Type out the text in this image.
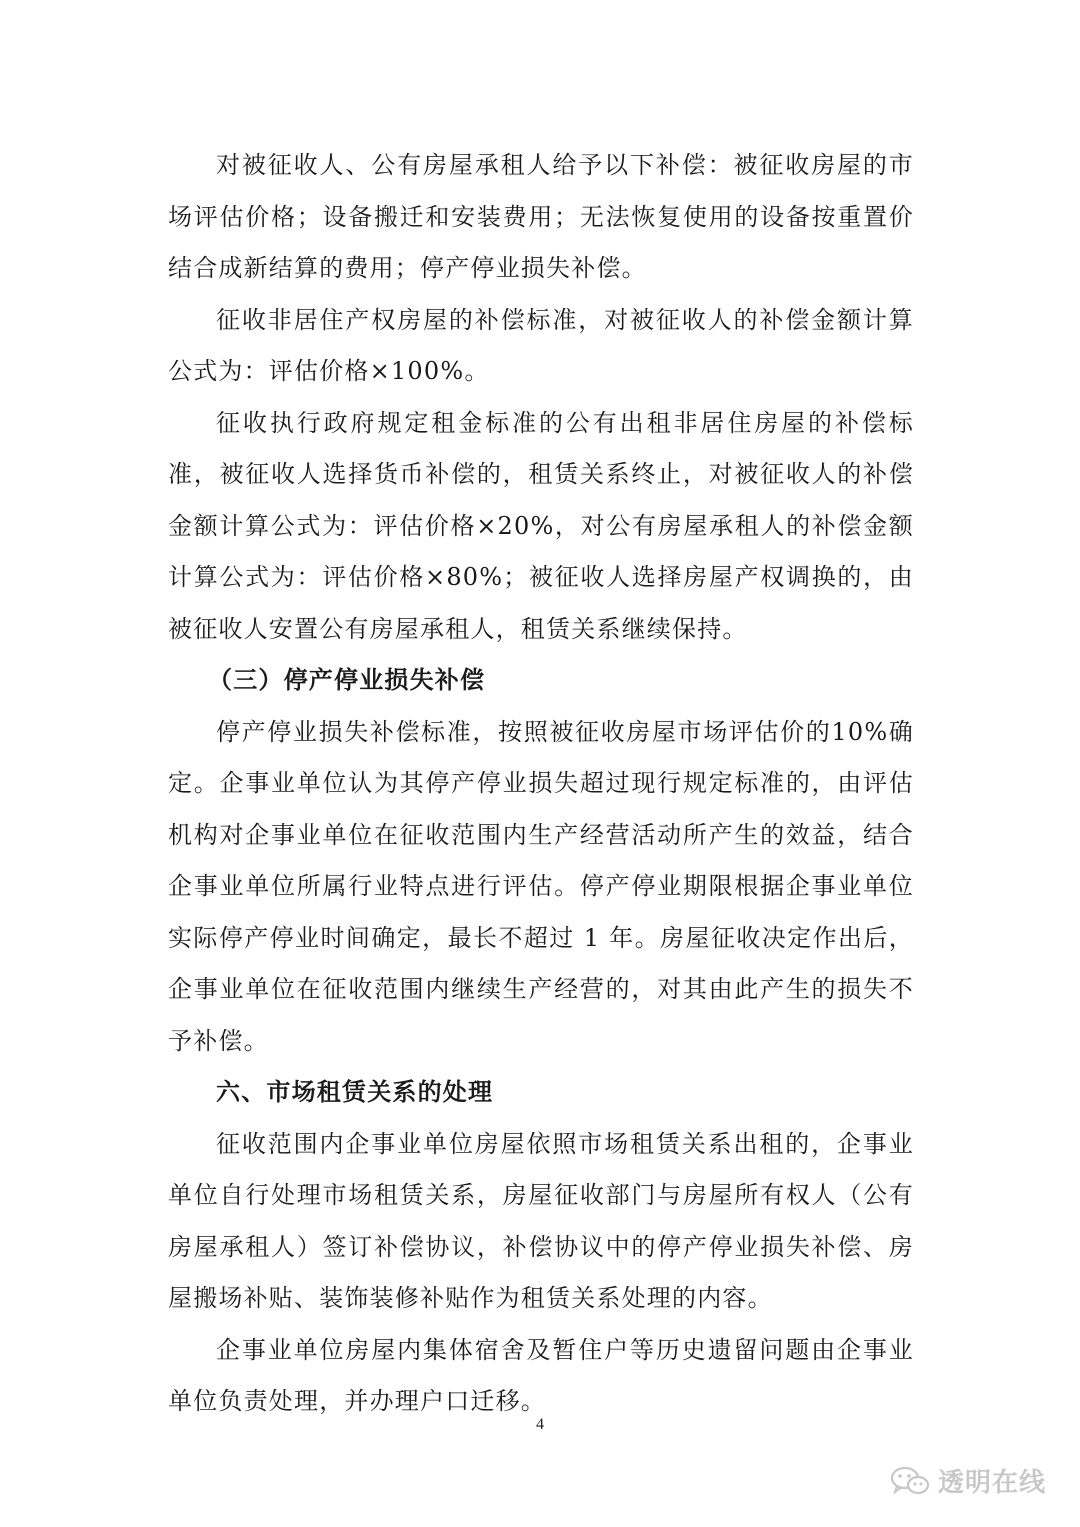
对被征收人、公有房屋承租人给予以下补偿：被征收房屋的市场评估价格；设备搬迁和安装费用；无法恢复使用的设备按重置价结合成新结算的费用；停产停业损失补偿。

征收非居住产权房屋的补偿标准，对被征收人的补偿金额计算公式为：评估价格×100%。

征收执行政府规定租金标准的公有出租非居住房屋的补偿标准，被征收人选择货币补偿的，租赁关系终止，对被征收人的补偿金额计算公式为：评估价格×20%，对公有房屋承租人的补偿金额计算公式为：评估价格×80%；被征收人选择房屋产权调换的，由被征收人安置公有房屋承租人，租赁关系继续保持。

（三）停产停业损失补偿

停产停业损失补偿标准，按照被征收房屋市场评估价的10%确定。企事业单位认为其停产停业损失超过现行规定标准的，由评估机构对企事业单位在征收范围内生产经营活动所产生的效益，结合企事业单位所属行业特点进行评估。停产停业期限根据企事业单位实际停产停业时间确定，最长不超过 1 年。房屋征收决定作出后，企事业单位在征收范围内继续生产经营的，对其由此产生的损失不予补偿。

六、市场租赁关系的处理

征收范围内企事业单位房屋依照市场租赁关系出租的，企事业单位自行处理市场租赁关系，房屋征收部门与房屋所有权人（公有房屋承租人）签订补偿协议，补偿协议中的停产停业损失补偿、房屋搬场补贴、装饰装修补贴作为租赁关系处理的内容。

企事业单位房屋内集体宿舍及暂住户等历史遗留问题由企事业单位负责处理，并办理户口迁移。

4
透明在线
